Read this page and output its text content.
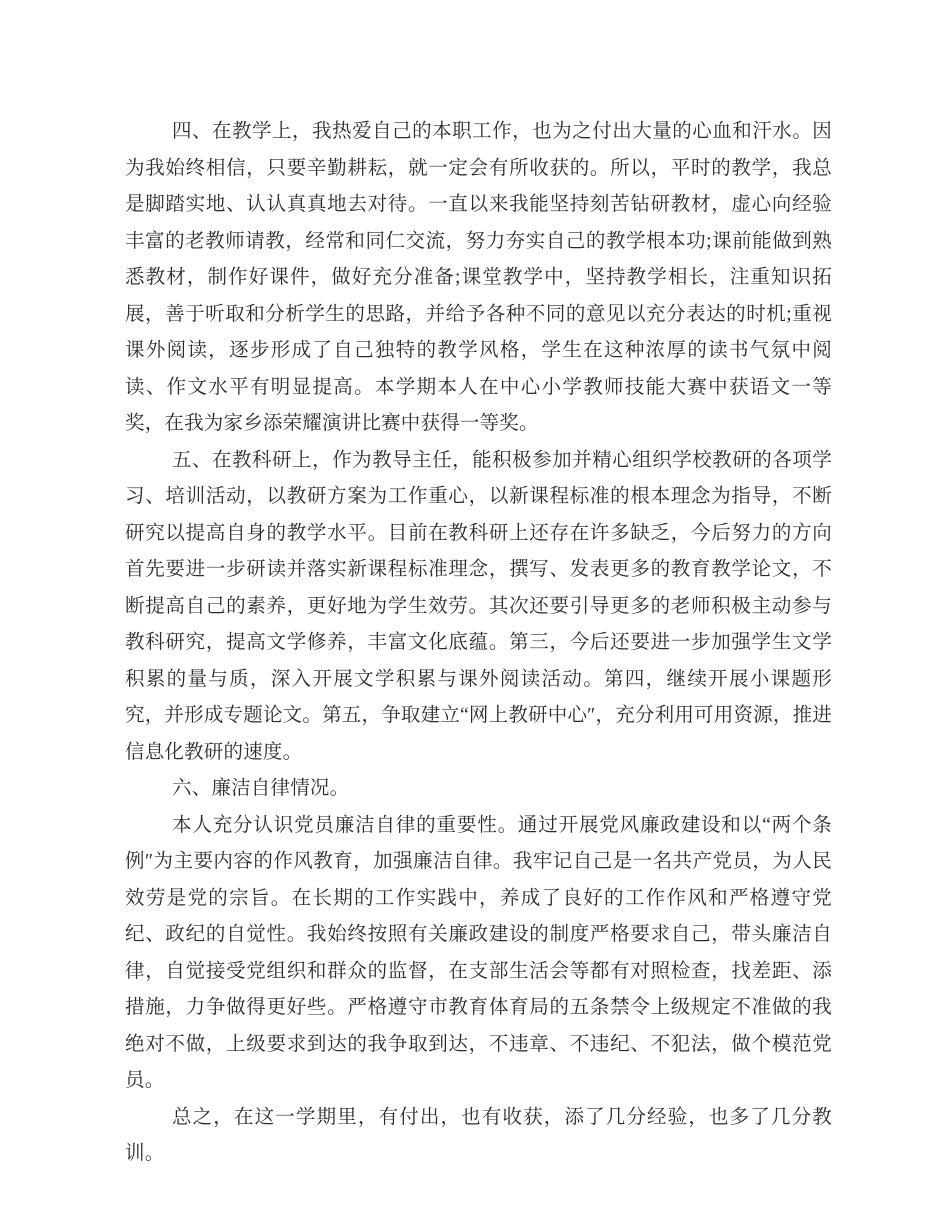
四、在教学上，我热爱自己的本职工作，也为之付出大量的心血和汗水。因为我始终相信，只要辛勤耕耘，就一定会有所收获的。所以，平时的教学，我总是脚踏实地、认认真真地去对待。一直以来我能坚持刻苦钻研教材，虚心向经验丰富的老教师请教，经常和同仁交流，努力夯实自己的教学根本功;课前能做到熟悉教材，制作好课件，做好充分准备;课堂教学中，坚持教学相长，注重知识拓展，善于听取和分析学生的思路，并给予各种不同的意见以充分表达的时机;重视课外阅读，逐步形成了自己独特的教学风格，学生在这种浓厚的读书气氛中阅读、作文水平有明显提高。本学期本人在中心小学教师技能大赛中获语文一等奖，在我为家乡添荣耀演讲比赛中获得一等奖。

五、在教科研上，作为教导主任，能积极参加并精心组织学校教研的各项学习、培训活动，以教研方案为工作重心，以新课程标准的根本理念为指导，不断研究以提高自身的教学水平。目前在教科研上还存在许多缺乏，今后努力的方向首先要进一步研读并落实新课程标准理念，撰写、发表更多的教育教学论文，不断提高自己的素养，更好地为学生效劳。其次还要引导更多的老师积极主动参与教科研究，提高文学修养，丰富文化底蕴。第三，今后还要进一步加强学生文学积累的量与质，深入开展文学积累与课外阅读活动。第四，继续开展小课题形究，并形成专题论文。第五，争取建立“网上教研中心″，充分利用可用资源，推进信息化教研的速度。

六、廉洁自律情况。

本人充分认识党员廉洁自律的重要性。通过开展党风廉政建设和以“两个条例″为主要内容的作风教育，加强廉洁自律。我牢记自己是一名共产党员，为人民效劳是党的宗旨。在长期的工作实践中，养成了良好的工作作风和严格遵守党纪、政纪的自觉性。我始终按照有关廉政建设的制度严格要求自己，带头廉洁自律，自觉接受党组织和群众的监督，在支部生活会等都有对照检查，找差距、添措施，力争做得更好些。严格遵守市教育体育局的五条禁令上级规定不准做的我绝对不做，上级要求到达的我争取到达，不违章、不违纪、不犯法，做个模范党员。

总之，在这一学期里，有付出，也有收获，添了几分经验，也多了几分教训。
